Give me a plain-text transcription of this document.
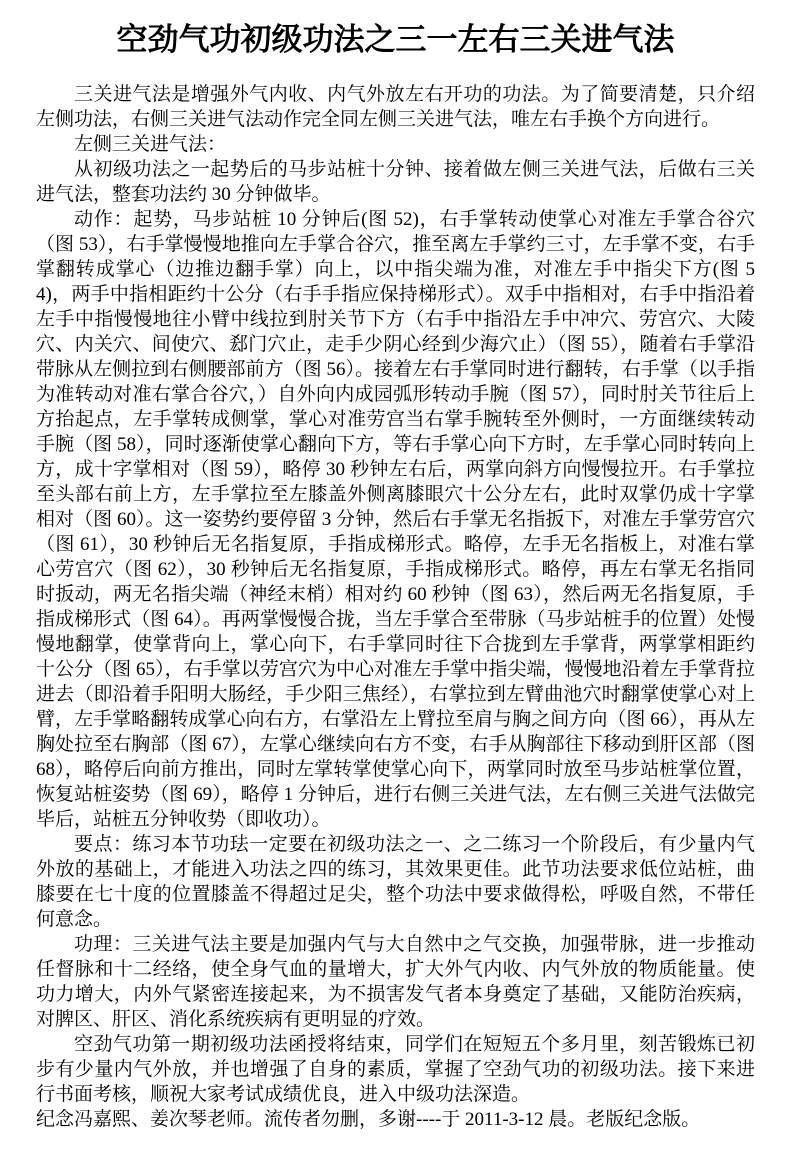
空劲气功初级功法之三一左右三关进气法

三关进气法是增强外气内收、内气外放左右开功的功法。为了简要清楚，只介绍左侧功法，右侧三关进气法动作完全同左侧三关进气法，唯左右手换个方向进行。

左侧三关进气法：

从初级功法之一起势后的马步站桩十分钟、接着做左侧三关进气法，后做右三关进气法，整套功法约 30 分钟做毕。

动作：起势，马步站桩 10 分钟后(图 52)，右手掌转动使掌心对准左手掌合谷穴（图 53），右手掌慢慢地推向左手掌合谷穴，推至离左手掌约三寸，左手掌不变，右手掌翻转成掌心（边推边翻手掌）向上，以中指尖端为准，对准左手中指尖下方(图 54)，两手中指相距约十公分（右手手指应保持梯形式）。双手中指相对，右手中指沿着左手中指慢慢地往小臂中线拉到肘关节下方（右手中指沿左手中冲穴、劳宫穴、大陵穴、内关穴、间使穴、郄门穴止，走手少阴心经到少海穴止）（图 55），随着右手掌沿带脉从左侧拉到右侧腰部前方（图 56）。接着左右手掌同时进行翻转，右手掌（以手指为准转动对准右掌合谷穴，）自外向内成园弧形转动手腕（图 57），同时肘关节往后上方抬起点，左手掌转成侧掌，掌心对准劳宫当右掌手腕转至外侧时，一方面继续转动手腕（图 58），同时逐渐使掌心翻向下方，等右手掌心向下方时，左手掌心同时转向上方，成十字掌相对（图 59），略停 30 秒钟左右后，两掌向斜方向慢慢拉开。右手掌拉至头部右前上方，左手掌拉至左膝盖外侧离膝眼穴十公分左右，此时双掌仍成十字掌相对（图 60）。这一姿势约要停留 3 分钟，然后右手掌无名指扳下，对准左手掌劳宫穴（图 61），30 秒钟后无名指复原，手指成梯形式。略停，左手无名指板上，对准右掌心劳宫穴（图 62），30 秒钟后无名指复原，手指成梯形式。略停，再左右掌无名指同时扳动，两无名指尖端（神经末梢）相对约 60 秒钟（图 63），然后两无名指复原，手指成梯形式（图 64）。再两掌慢慢合拢，当左手掌合至带脉（马步站桩手的位置）处慢慢地翻掌，使掌背向上，掌心向下，右手掌同时往下合拢到左手掌背，两掌掌相距约十公分（图 65），右手掌以劳宫穴为中心对准左手掌中指尖端，慢慢地沿着左手掌背拉进去（即沿着手阳明大肠经，手少阳三焦经），右掌拉到左臂曲池穴时翻掌使掌心对上臂，左手掌略翻转成掌心向右方，右掌沿左上臂拉至肩与胸之间方向（图 66），再从左胸处拉至右胸部（图 67），左掌心继续向右方不变，右手从胸部往下移动到肝区部（图 68），略停后向前方推出，同时左掌转掌使掌心向下，两掌同时放至马步站桩掌位置，恢复站桩姿势（图 69），略停 1 分钟后，进行右侧三关进气法，左右侧三关进气法做完毕后，站桩五分钟收势（即收功）。

要点：练习本节功珐一定要在初级功法之一、之二练习一个阶段后，有少量内气外放的基础上，才能进入功法之四的练习，其效果更佳。此节功法要求低位站桩，曲膝要在七十度的位置膝盖不得超过足尖，整个功法中要求做得松，呼吸自然，不带任何意念。

功理：三关进气法主要是加强内气与大自然中之气交换，加强带脉，进一步推动任督脉和十二经络，使全身气血的量增大，扩大外气内收、内气外放的物质能量。使功力增大，内外气紧密连接起来，为不损害发气者本身奠定了基础，又能防治疾病，对脾区、肝区、消化系统疾病有更明显的疗效。

空劲气功第一期初级功法函授将结束，同学们在短短五个多月里，刻苦锻炼已初步有少量内气外放，并也增强了自身的素质，掌握了空劲气功的初级功法。接下来进行书面考核，顺祝大家考试成绩优良，进入中级功法深造。

纪念冯嘉熙、姜次琴老师。流传者勿删，多谢----于 2011-3-12 晨。老版纪念版。
